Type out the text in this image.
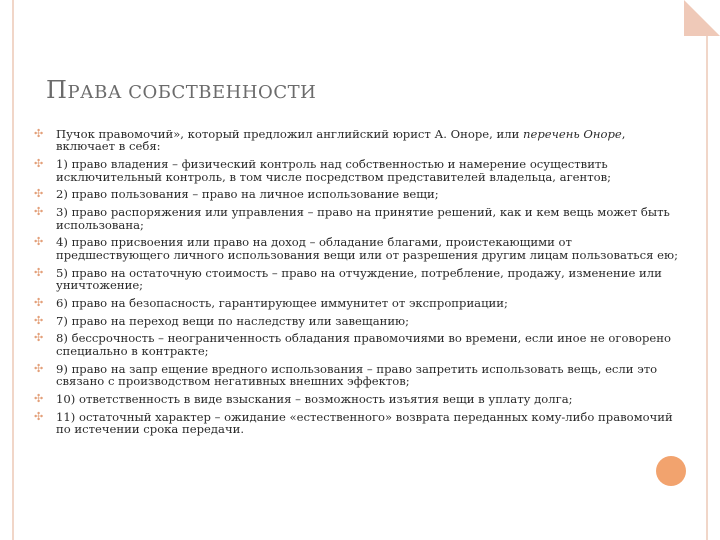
ПРАВА СОБСТВЕННОСТИ
✣ Пучок правомочий», который предложил английский юрист А. Оноре, или перечень Оноре, включает в себя:
✣ 1) право владения – физический контроль над собственностью и намерение осуществить исключительный контроль, в том числе посредством представителей владельца, агентов;
✣ 2) право пользования – право на личное использование вещи;
✣ 3) право распоряжения или управления – право на принятие решений, как и кем вещь может быть использована;
✣ 4) право присвоения или право на доход – обладание благами, проистекающими от предшествующего личного использования вещи или от разрешения другим лицам пользоваться ею;
✣ 5) право на остаточную стоимость – право на отчуждение, потребление, продажу, изменение или уничтожение;
✣ 6) право на безопасность, гарантирующее иммунитет от экспроприации;
✣ 7) право на переход вещи по наследству или завещанию;
✣ 8) бессрочность – неограниченность обладания правомочиями во времени, если иное не оговорено специально в контракте;
✣ 9) право на запр ещение вредного использования – право запретить использовать вещь, если это связано с производством негативных внешних эффектов;
✣ 10) ответственность в виде взыскания – возможность изъятия вещи в уплату долга;
✣ 11) остаточный характер – ожидание «естественного» возврата переданных кому-либо правомочий по истечении срока передачи.
